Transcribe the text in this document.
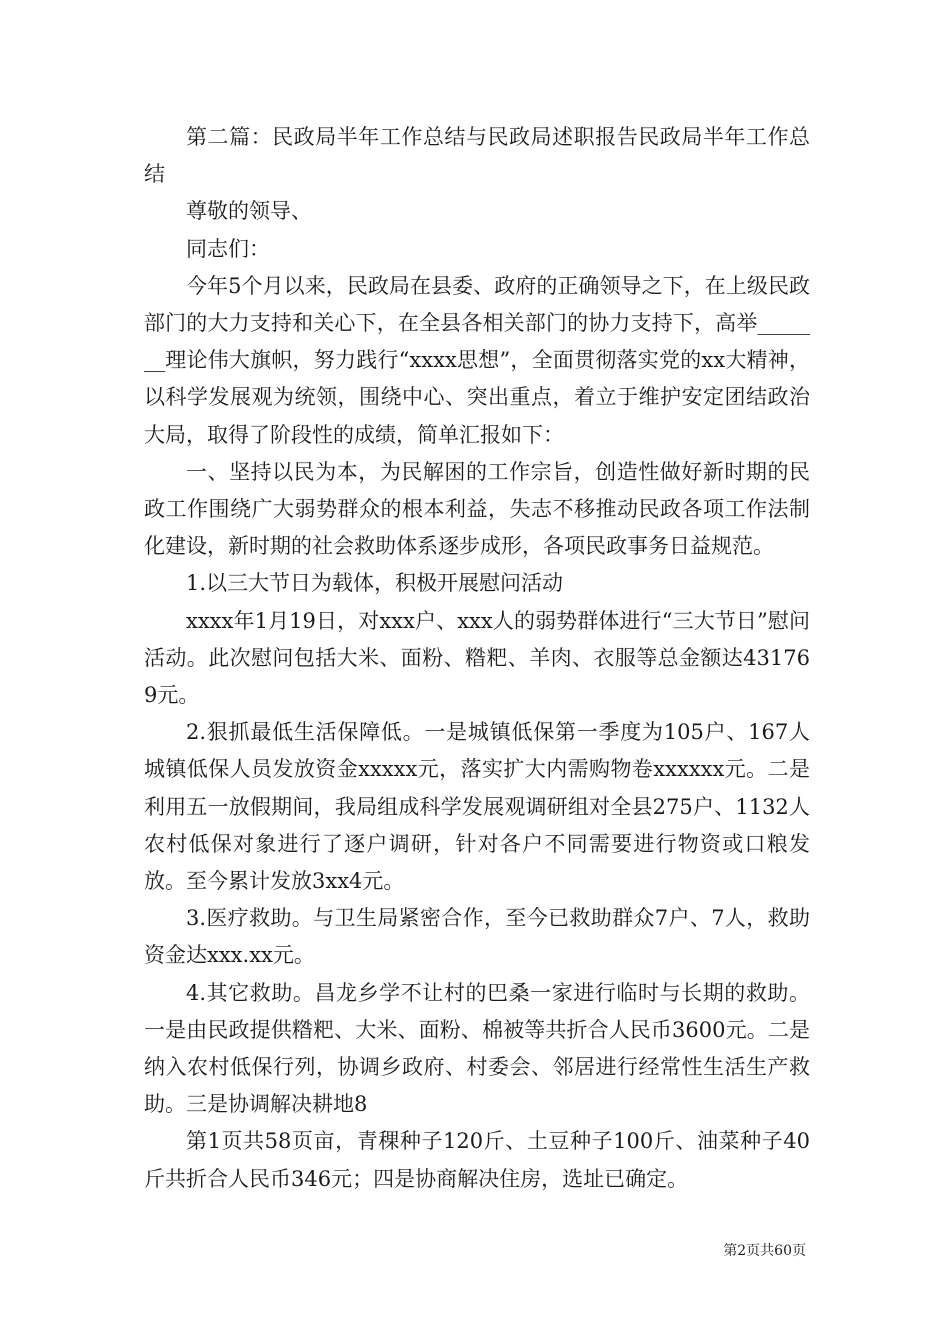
第二篇：民政局半年工作总结与民政局述职报告民政局半年工作总结

尊敬的领导、

同志们：

今年5个月以来，民政局在县委、政府的正确领导之下，在上级民政部门的大力支持和关心下，在全县各相关部门的协力支持下，高举_______理论伟大旗帜，努力践行“xxxx思想”，全面贯彻落实党的xx大精神，以科学发展观为统领，围绕中心、突出重点，着立于维护安定团结政治大局，取得了阶段性的成绩，简单汇报如下：

一、坚持以民为本，为民解困的工作宗旨，创造性做好新时期的民政工作围绕广大弱势群众的根本利益，失志不移推动民政各项工作法制化建设，新时期的社会救助体系逐步成形，各项民政事务日益规范。

1.以三大节日为载体，积极开展慰问活动

xxxx年1月19日，对xxx户、xxx人的弱势群体进行“三大节日”慰问活动。此次慰问包括大米、面粉、糌粑、羊肉、衣服等总金额达431769元。

2.狠抓最低生活保障低。一是城镇低保第一季度为105户、167人城镇低保人员发放资金xxxxx元，落实扩大内需购物卷xxxxxx元。二是利用五一放假期间，我局组成科学发展观调研组对全县275户、1132人农村低保对象进行了逐户调研，针对各户不同需要进行物资或口粮发放。至今累计发放3xx4元。

3.医疗救助。与卫生局紧密合作，至今已救助群众7户、7人，救助资金达xxx.xx元。

4.其它救助。昌龙乡学不让村的巴桑一家进行临时与长期的救助。一是由民政提供糌粑、大米、面粉、棉被等共折合人民币3600元。二是纳入农村低保行列，协调乡政府、村委会、邻居进行经常性生活生产救助。三是协调解决耕地8

第1页共58页亩，青稞种子120斤、土豆种子100斤、油菜种子40斤共折合人民币346元；四是协商解决住房，选址已确定。

第2页共60页
